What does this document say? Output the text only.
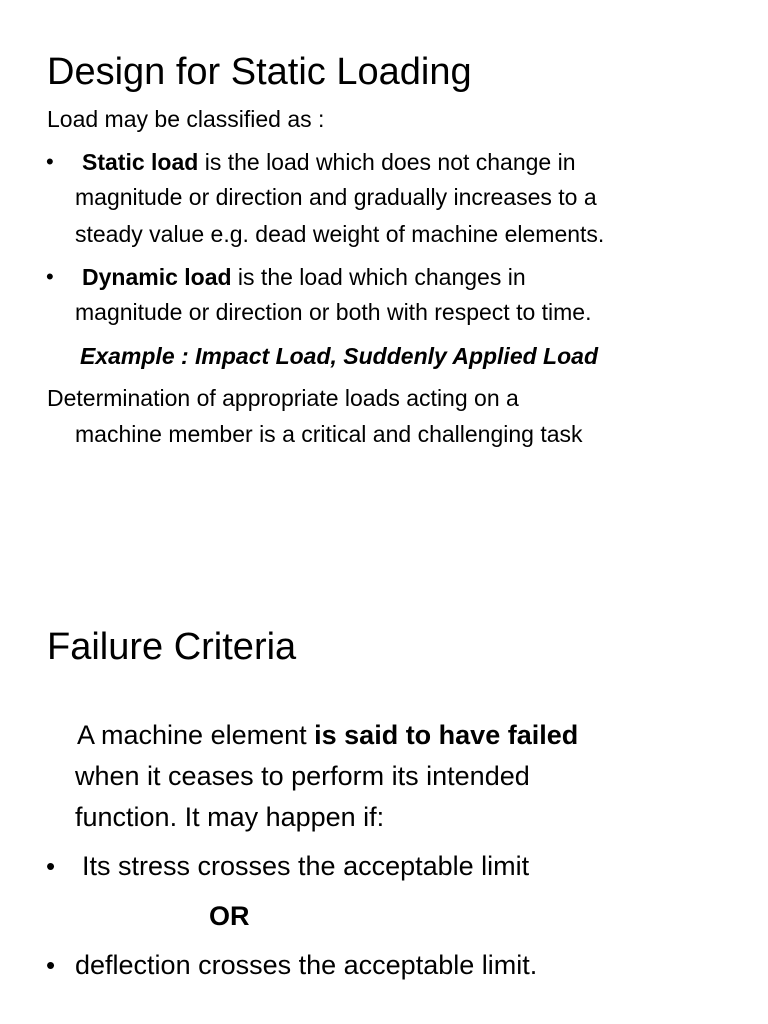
Design for Static Loading
Load may be classified as :
• Static load is the load which does not change in
magnitude or direction and gradually increases to a
steady value e.g. dead weight of machine elements.
• Dynamic load is the load which changes in
magnitude or direction or both with respect to time.
Example : Impact Load, Suddenly Applied Load
Determination of appropriate loads acting on a
machine member is a critical and challenging task
Failure Criteria
A machine element is said to have failed
when it ceases to perform its intended
function. It may happen if:
• Its stress crosses the acceptable limit
OR
• deflection crosses the acceptable limit.
